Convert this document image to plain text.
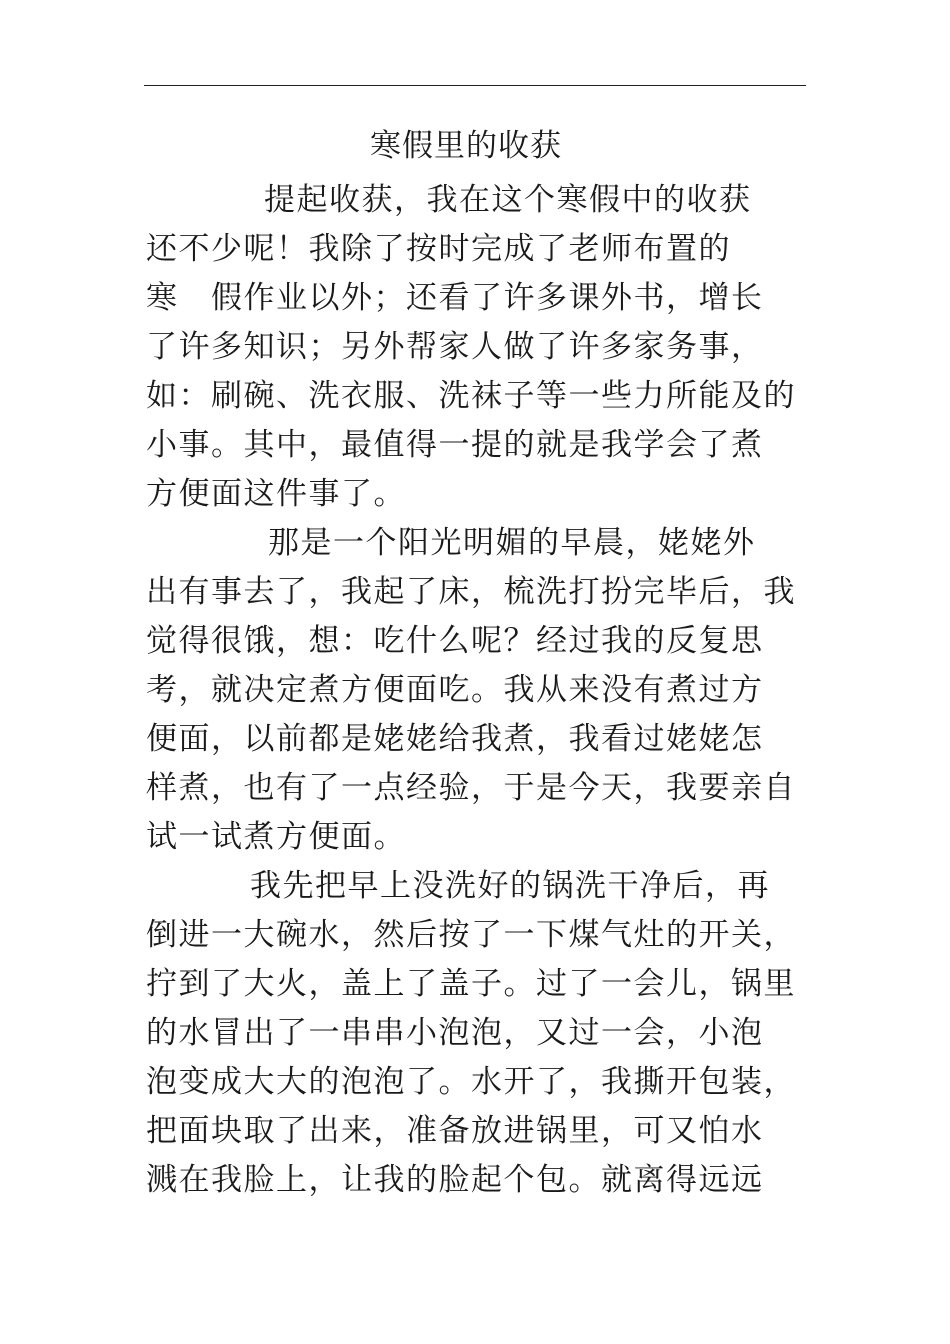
寒假里的收获
提起收获，我在这个寒假中的收获
还不少呢！我除了按时完成了老师布置的
寒　假作业以外；还看了许多课外书，增长
了许多知识；另外帮家人做了许多家务事，
如：刷碗、洗衣服、洗袜子等一些力所能及的
小事。其中，最值得一提的就是我学会了煮
方便面这件事了。
那是一个阳光明媚的早晨，姥姥外
出有事去了，我起了床，梳洗打扮完毕后，我
觉得很饿，想：吃什么呢？经过我的反复思
考，就决定煮方便面吃。我从来没有煮过方
便面，以前都是姥姥给我煮，我看过姥姥怎
样煮，也有了一点经验，于是今天，我要亲自
试一试煮方便面。
我先把早上没洗好的锅洗干净后，再
倒进一大碗水，然后按了一下煤气灶的开关，
拧到了大火，盖上了盖子。过了一会儿，锅里
的水冒出了一串串小泡泡，又过一会，小泡
泡变成大大的泡泡了。水开了，我撕开包装，
把面块取了出来，准备放进锅里，可又怕水
溅在我脸上，让我的脸起个包。就离得远远
